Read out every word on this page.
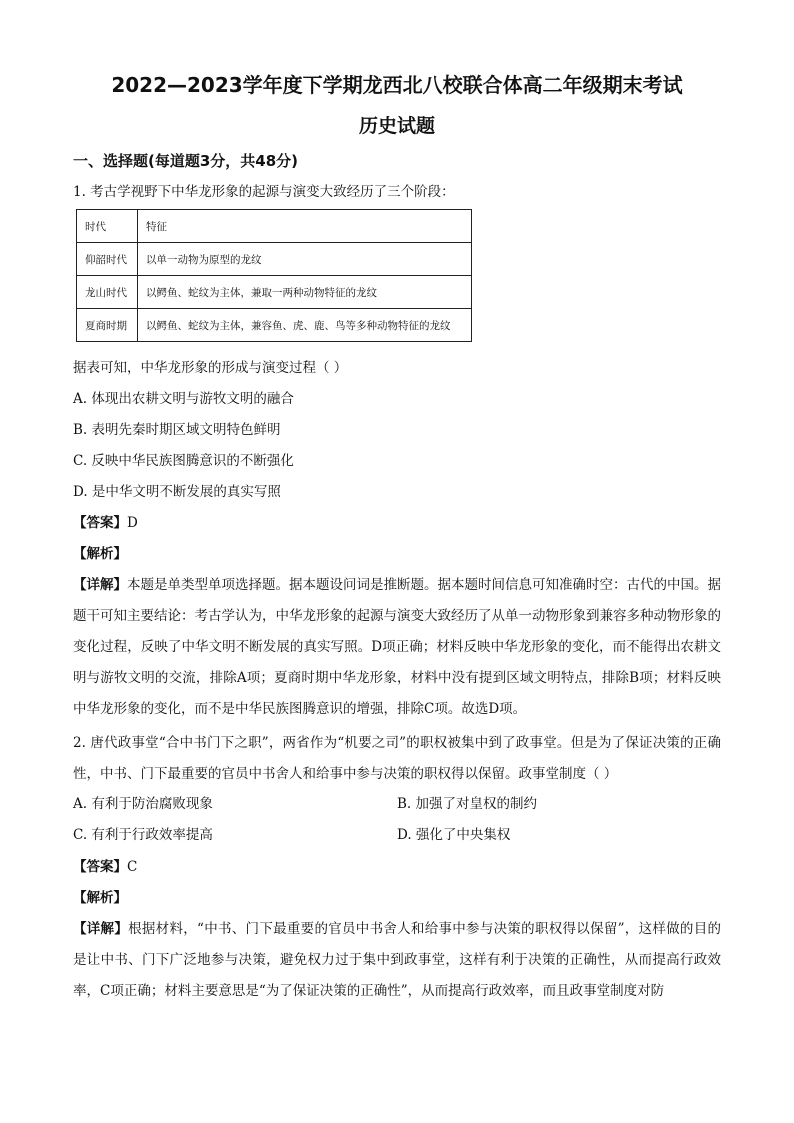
2022—2023学年度下学期龙西北八校联合体高二年级期末考试
历史试题
一、选择题(每道题3分，共48分)
1. 考古学视野下中华龙形象的起源与演变大致经历了三个阶段：
时代	特征
仰韶时代	以单一动物为原型的龙纹
龙山时代	以鳄鱼、蛇纹为主体，兼取一两种动物特征的龙纹
夏商时期	以鳄鱼、蛇纹为主体，兼容鱼、虎、鹿、鸟等多种动物特征的龙纹
据表可知，中华龙形象的形成与演变过程（ ）
A. 体现出农耕文明与游牧文明的融合
B. 表明先秦时期区域文明特色鲜明
C. 反映中华民族图腾意识的不断强化
D. 是中华文明不断发展的真实写照
【答案】D
【解析】
【详解】本题是单类型单项选择题。据本题设问词是推断题。据本题时间信息可知准确时空：古代的中国。据题干可知主要结论：考古学认为，中华龙形象的起源与演变大致经历了从单一动物形象到兼容多种动物形象的变化过程，反映了中华文明不断发展的真实写照。D项正确；材料反映中华龙形象的变化，而不能得出农耕文明与游牧文明的交流，排除A项；夏商时期中华龙形象，材料中没有提到区域文明特点，排除B项；材料反映中华龙形象的变化，而不是中华民族图腾意识的增强，排除C项。故选D项。
2. 唐代政事堂“合中书门下之职”，两省作为“机要之司”的职权被集中到了政事堂。但是为了保证决策的正确性，中书、门下最重要的官员中书舍人和给事中参与决策的职权得以保留。政事堂制度（ ）
A. 有利于防治腐败现象	B. 加强了对皇权的制约
C. 有利于行政效率提高	D. 强化了中央集权
【答案】C
【解析】
【详解】根据材料，“中书、门下最重要的官员中书舍人和给事中参与决策的职权得以保留”，这样做的目的是让中书、门下广泛地参与决策，避免权力过于集中到政事堂，这样有利于决策的正确性，从而提高行政效率，C项正确；材料主要意思是“为了保证决策的正确性”，从而提高行政效率，而且政事堂制度对防
